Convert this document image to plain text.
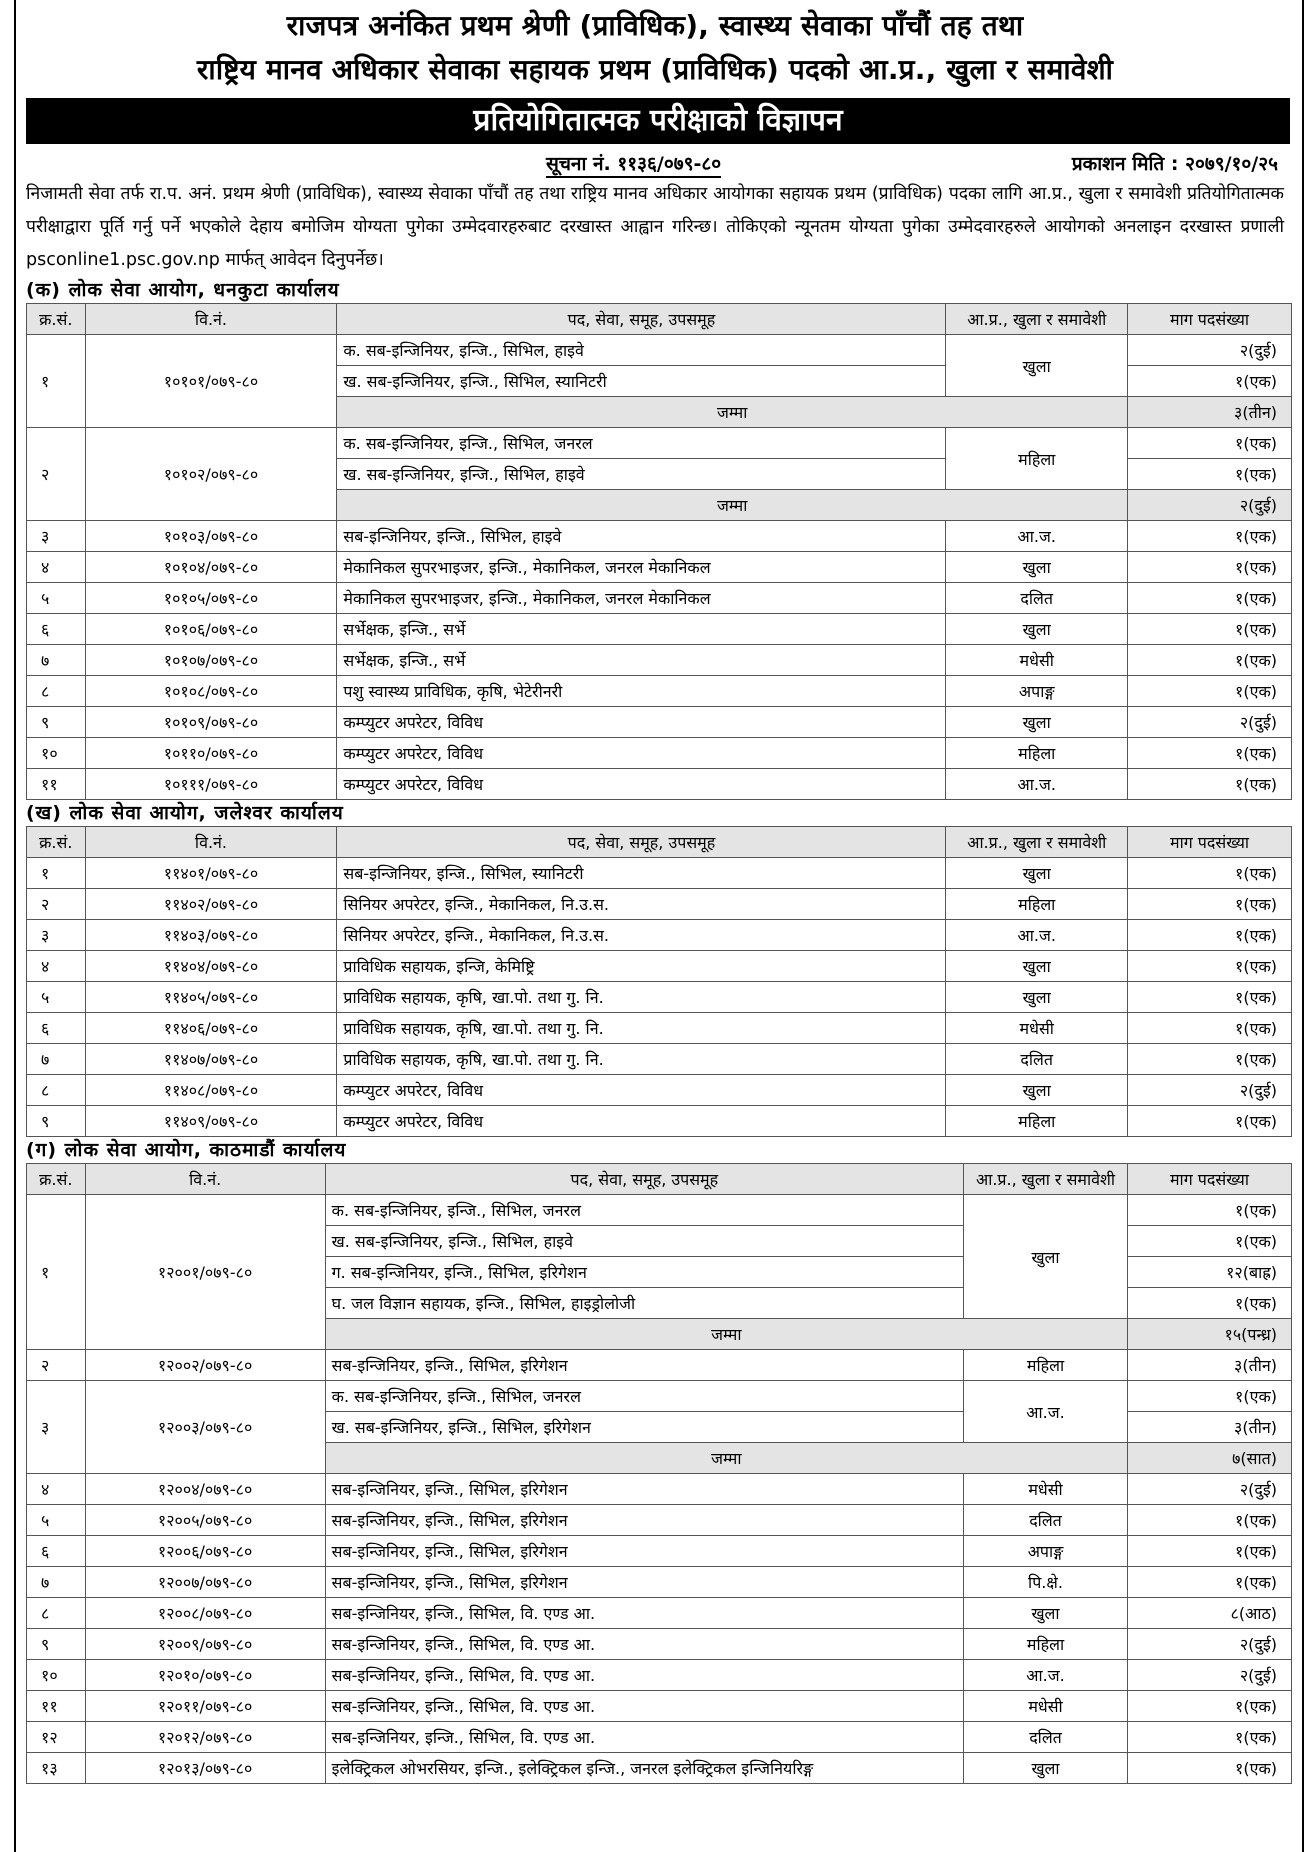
राजपत्र अनंकित प्रथम श्रेणी (प्राविधिक), स्वास्थ्य सेवाका पाँचौं तह तथा
राष्ट्रिय मानव अधिकार सेवाका सहायक प्रथम (प्राविधिक) पदको आ.प्र., खुला र समावेशी
प्रतियोगितात्मक परीक्षाको विज्ञापन
सूचना नं. ११३६/०७९-८०	प्रकाशन मिति : २०७९/१०/२५
निजामती सेवा तर्फ रा.प. अनं. प्रथम श्रेणी (प्राविधिक), स्वास्थ्य सेवाका पाँचौं तह तथा राष्ट्रिय मानव अधिकार आयोगका सहायक प्रथम (प्राविधिक) पदका लागि आ.प्र., खुला र समावेशी प्रतियोगितात्मक परीक्षाद्वारा पूर्ति गर्नु पर्ने भएकोले देहाय बमोजिम योग्यता पुगेका उम्मेदवारहरुबाट दरखास्त आह्वान गरिन्छ। तोकिएको न्यूनतम योग्यता पुगेका उम्मेदवारहरुले आयोगको अनलाइन दरखास्त प्रणाली psconline1.psc.gov.np मार्फत् आवेदन दिनुपर्नेछ।
(क) लोक सेवा आयोग, धनकुटा कार्यालय
क्र.सं.	वि.नं.	पद, सेवा, समूह, उपसमूह	आ.प्र., खुला र समावेशी	माग पदसंख्या
१	१०१०१/०७९-८०	क. सब-इन्जिनियर, इन्जि., सिभिल, हाइवे	खुला	२(दुई)
		ख. सब-इन्जिनियर, इन्जि., सिभिल, स्यानिटरी		१(एक)
		जम्मा		३(तीन)
२	१०१०२/०७९-८०	क. सब-इन्जिनियर, इन्जि., सिभिल, जनरल	महिला	१(एक)
		ख. सब-इन्जिनियर, इन्जि., सिभिल, हाइवे		१(एक)
		जम्मा		२(दुई)
३	१०१०३/०७९-८०	सब-इन्जिनियर, इन्जि., सिभिल, हाइवे	आ.ज.	१(एक)
४	१०१०४/०७९-८०	मेकानिकल सुपरभाइजर, इन्जि., मेकानिकल, जनरल मेकानिकल	खुला	१(एक)
५	१०१०५/०७९-८०	मेकानिकल सुपरभाइजर, इन्जि., मेकानिकल, जनरल मेकानिकल	दलित	१(एक)
६	१०१०६/०७९-८०	सर्भेक्षक, इन्जि., सर्भे	खुला	१(एक)
७	१०१०७/०७९-८०	सर्भेक्षक, इन्जि., सर्भे	मधेसी	१(एक)
८	१०१०८/०७९-८०	पशु स्वास्थ्य प्राविधिक, कृषि, भेटेरीनरी	अपाङ्ग	१(एक)
९	१०१०९/०७९-८०	कम्प्युटर अपरेटर, विविध	खुला	२(दुई)
१०	१०११०/०७९-८०	कम्प्युटर अपरेटर, विविध	महिला	१(एक)
११	१०१११/०७९-८०	कम्प्युटर अपरेटर, विविध	आ.ज.	१(एक)
(ख) लोक सेवा आयोग, जलेश्वर कार्यालय
क्र.सं.	वि.नं.	पद, सेवा, समूह, उपसमूह	आ.प्र., खुला र समावेशी	माग पदसंख्या
१	११४०१/०७९-८०	सब-इन्जिनियर, इन्जि., सिभिल, स्यानिटरी	खुला	१(एक)
२	११४०२/०७९-८०	सिनियर अपरेटर, इन्जि., मेकानिकल, नि.उ.स.	महिला	१(एक)
३	११४०३/०७९-८०	सिनियर अपरेटर, इन्जि., मेकानिकल, नि.उ.स.	आ.ज.	१(एक)
४	११४०४/०७९-८०	प्राविधिक सहायक, इन्जि, केमिष्ट्रि	खुला	१(एक)
५	११४०५/०७९-८०	प्राविधिक सहायक, कृषि, खा.पो. तथा गु. नि.	खुला	१(एक)
६	११४०६/०७९-८०	प्राविधिक सहायक, कृषि, खा.पो. तथा गु. नि.	मधेसी	१(एक)
७	११४०७/०७९-८०	प्राविधिक सहायक, कृषि, खा.पो. तथा गु. नि.	दलित	१(एक)
८	११४०८/०७९-८०	कम्प्युटर अपरेटर, विविध	खुला	२(दुई)
९	११४०९/०७९-८०	कम्प्युटर अपरेटर, विविध	महिला	१(एक)
(ग) लोक सेवा आयोग, काठमाडौं कार्यालय
क्र.सं.	वि.नं.	पद, सेवा, समूह, उपसमूह	आ.प्र., खुला र समावेशी	माग पदसंख्या
१	१२००१/०७९-८०	क. सब-इन्जिनियर, इन्जि., सिभिल, जनरल	खुला	१(एक)
		ख. सब-इन्जिनियर, इन्जि., सिभिल, हाइवे		१(एक)
		ग. सब-इन्जिनियर, इन्जि., सिभिल, इरिगेशन		१२(बाह्र)
		घ. जल विज्ञान सहायक, इन्जि., सिभिल, हाइड्रोलोजी		१(एक)
		जम्मा		१५(पन्ध्र)
२	१२००२/०७९-८०	सब-इन्जिनियर, इन्जि., सिभिल, इरिगेशन	महिला	३(तीन)
३	१२००३/०७९-८०	क. सब-इन्जिनियर, इन्जि., सिभिल, जनरल	आ.ज.	१(एक)
		ख. सब-इन्जिनियर, इन्जि., सिभिल, इरिगेशन		३(तीन)
		जम्मा		७(सात)
४	१२००४/०७९-८०	सब-इन्जिनियर, इन्जि., सिभिल, इरिगेशन	मधेसी	२(दुई)
५	१२००५/०७९-८०	सब-इन्जिनियर, इन्जि., सिभिल, इरिगेशन	दलित	१(एक)
६	१२००६/०७९-८०	सब-इन्जिनियर, इन्जि., सिभिल, इरिगेशन	अपाङ्ग	१(एक)
७	१२००७/०७९-८०	सब-इन्जिनियर, इन्जि., सिभिल, इरिगेशन	पि.क्षे.	१(एक)
८	१२००८/०७९-८०	सब-इन्जिनियर, इन्जि., सिभिल, वि. एण्ड आ.	खुला	८(आठ)
९	१२००९/०७९-८०	सब-इन्जिनियर, इन्जि., सिभिल, वि. एण्ड आ.	महिला	२(दुई)
१०	१२०१०/०७९-८०	सब-इन्जिनियर, इन्जि., सिभिल, वि. एण्ड आ.	आ.ज.	२(दुई)
११	१२०११/०७९-८०	सब-इन्जिनियर, इन्जि., सिभिल, वि. एण्ड आ.	मधेसी	१(एक)
१२	१२०१२/०७९-८०	सब-इन्जिनियर, इन्जि., सिभिल, वि. एण्ड आ.	दलित	१(एक)
१३	१२०१३/०७९-८०	इलेक्ट्रिकल ओभरसियर, इन्जि., इलेक्ट्रिकल इन्जि., जनरल इलेक्ट्रिकल इन्जिनियरिङ्ग	खुला	१(एक)
